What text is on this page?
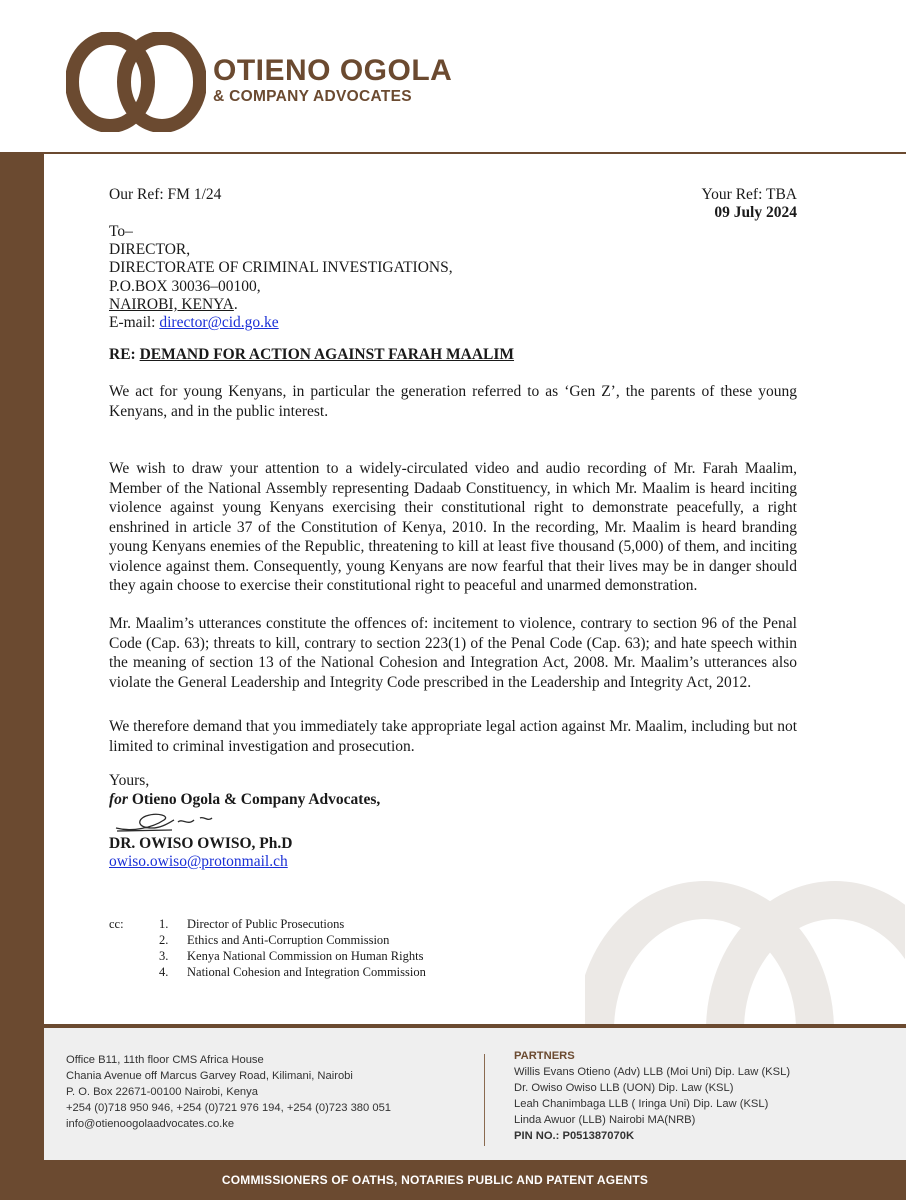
OTIENO OGOLA
& COMPANY ADVOCATES
Our Ref: FM 1/24	Your Ref: TBA
09 July 2024
To–
DIRECTOR,
DIRECTORATE OF CRIMINAL INVESTIGATIONS,
P.O.BOX 30036–00100,
NAIROBI, KENYA.
E-mail: director@cid.go.ke
RE: DEMAND FOR ACTION AGAINST FARAH MAALIM

We act for young Kenyans, in particular the generation referred to as ‘Gen Z’, the parents of these young Kenyans, and in the public interest.

We wish to draw your attention to a widely-circulated video and audio recording of Mr. Farah Maalim, Member of the National Assembly representing Dadaab Constituency, in which Mr. Maalim is heard inciting violence against young Kenyans exercising their constitutional right to demonstrate peacefully, a right enshrined in article 37 of the Constitution of Kenya, 2010. In the recording, Mr. Maalim is heard branding young Kenyans enemies of the Republic, threatening to kill at least five thousand (5,000) of them, and inciting violence against them. Consequently, young Kenyans are now fearful that their lives may be in danger should they again choose to exercise their constitutional right to peaceful and unarmed demonstration.

Mr. Maalim’s utterances constitute the offences of: incitement to violence, contrary to section 96 of the Penal Code (Cap. 63); threats to kill, contrary to section 223(1) of the Penal Code (Cap. 63); and hate speech within the meaning of section 13 of the National Cohesion and Integration Act, 2008. Mr. Maalim’s utterances also violate the General Leadership and Integrity Code prescribed in the Leadership and Integrity Act, 2012.

We therefore demand that you immediately take appropriate legal action against Mr. Maalim, including but not limited to criminal investigation and prosecution.

Yours,
for Otieno Ogola & Company Advocates,
DR. OWISO OWISO, Ph.D
owiso.owiso@protonmail.ch
cc:	1.	Director of Public Prosecutions
2.	Ethics and Anti-Corruption Commission
3.	Kenya National Commission on Human Rights
4.	National Cohesion and Integration Commission
Office B11, 11th floor CMS Africa House
Chania Avenue off Marcus Garvey Road, Kilimani, Nairobi
P. O. Box 22671-00100 Nairobi, Kenya
+254 (0)718 950 946, +254 (0)721 976 194, +254 (0)723 380 051
info@otienoogolaadvocates.co.ke
PARTNERS
Willis Evans Otieno (Adv) LLB (Moi Uni) Dip. Law (KSL)
Dr. Owiso Owiso LLB (UON) Dip. Law (KSL)
Leah Chanimbaga LLB ( Iringa Uni) Dip. Law (KSL)
Linda Awuor (LLB) Nairobi MA(NRB)
PIN NO.: P051387070K
COMMISSIONERS OF OATHS, NOTARIES PUBLIC AND PATENT AGENTS
